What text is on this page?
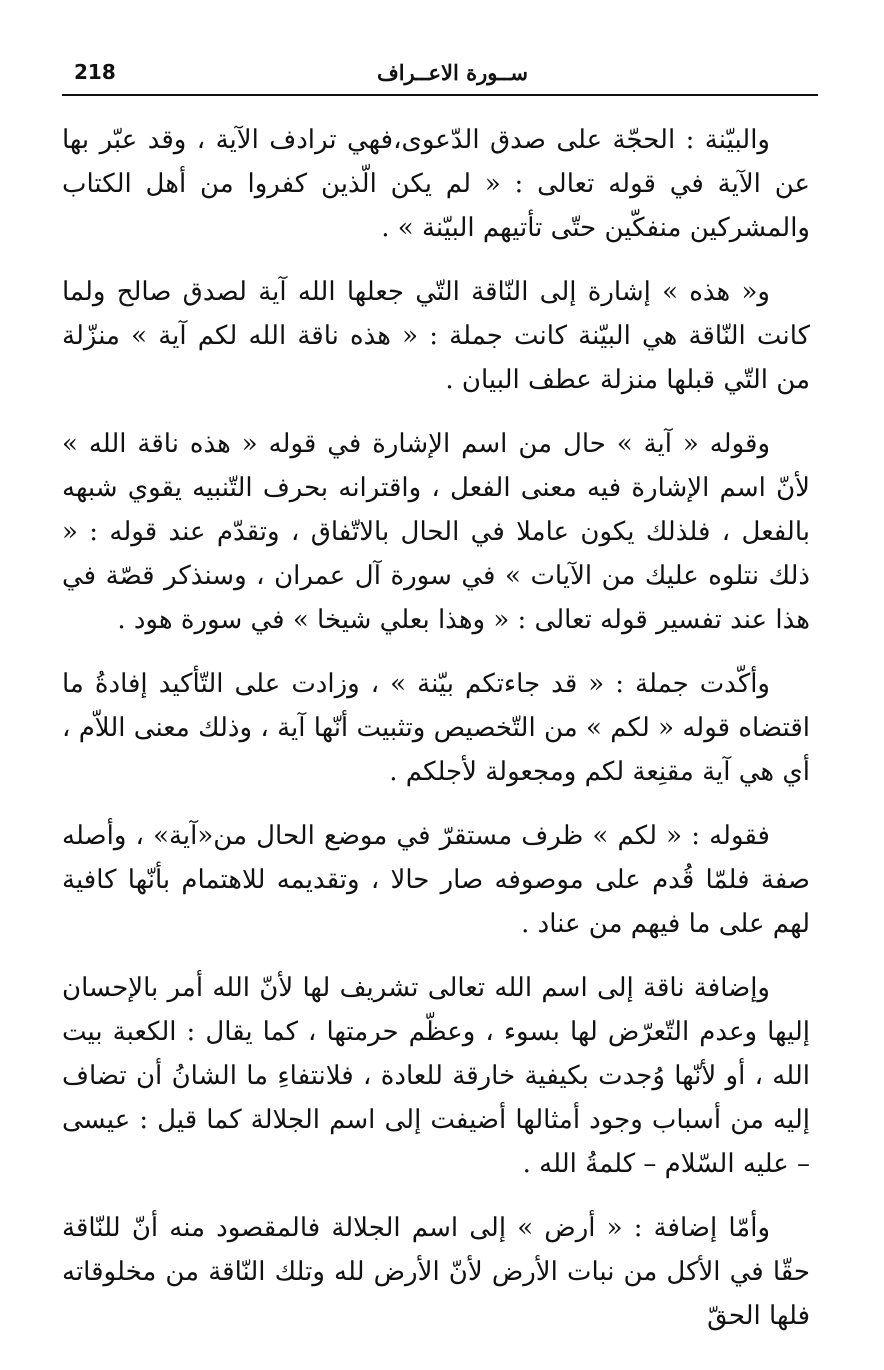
218	ســورة الاعــراف

والبيّنة : الحجّة على صدق الدّعوى،فهي ترادف الآية ، وقد عبّر بها عن الآية في قوله تعالى : « لم يكن الّذين كفروا من أهل الكتاب والمشركين منفكّين حتّى تأتيهم البيّنة » .

و« هذه » إشارة إلى النّاقة التّي جعلها الله آية لصدق صالح ولما كانت النّاقة هي البيّنة كانت جملة : « هذه ناقة الله لكم آية » منزّلة من التّي قبلها منزلة عطف البيان .

وقوله « آية » حال من اسم الإشارة في قوله « هذه ناقة الله » لأنّ اسم الإشارة فيه معنى الفعل ، واقترانه بحرف التّنبيه يقوي شبهه بالفعل ، فلذلك يكون عاملا في الحال بالاتّفاق ، وتقدّم عند قوله : « ذلك نتلوه عليك من الآيات » في سورة آل عمران ، وسنذكر قصّة في هذا عند تفسير قوله تعالى : « وهذا بعلي شيخا » في سورة هود .

وأكّدت جملة : « قد جاءتكم بيّنة » ، وزادت على التّأكيد إفادةُ ما اقتضاه قوله « لكم » من التّخصيص وتثبيت أنّها آية ، وذلك معنى اللاّم ، أي هي آية مقنِعة لكم ومجعولة لأجلكم .

فقوله : « لكم » ظرف مستقرّ في موضع الحال من«آية» ، وأصله صفة فلمّا قُدم على موصوفه صار حالا ، وتقديمه للاهتمام بأنّها كافية لهم على ما فيهم من عناد .

وإضافة ناقة إلى اسم الله تعالى تشريف لها لأنّ الله أمر بالإحسان إليها وعدم التّعرّض لها بسوء ، وعظّم حرمتها ، كما يقال : الكعبة بيت الله ، أو لأنّها وُجدت بكيفية خارقة للعادة ، فلانتفاءِ ما الشانُ أن تضاف إليه من أسباب وجود أمثالها أضيفت إلى اسم الجلالة كما قيل : عيسى – عليه السّلام – كلمةُ الله .

وأمّا إضافة : « أرض » إلى اسم الجلالة فالمقصود منه أنّ للنّاقة حقّا في الأكل من نبات الأرض لأنّ الأرض لله وتلك النّاقة من مخلوقاته فلها الحقّ
